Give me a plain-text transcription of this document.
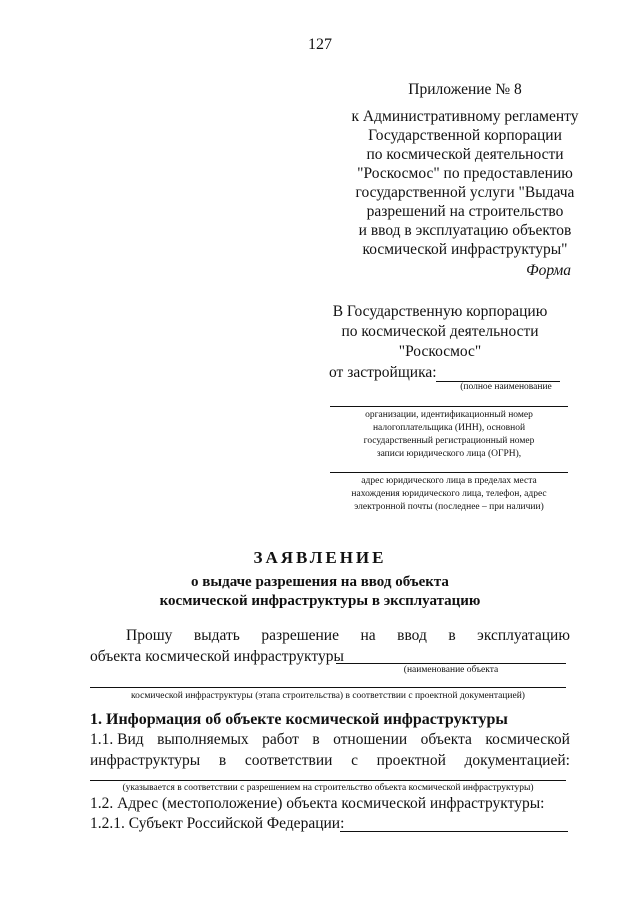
127
Приложение № 8
к Административному регламенту
Государственной корпорации
по космической деятельности
"Роскосмос" по предоставлению
государственной услуги "Выдача
разрешений на строительство
и ввод в эксплуатацию объектов
космической инфраструктуры"
Форма
В Государственную корпорацию
по космической деятельности
"Роскосмос"
от застройщика:
(полное наименование
организации, идентификационный номер
налогоплательщика (ИНН), основной
государственный регистрационный номер
записи юридического лица (ОГРН),
адрес юридического лица в пределах места
нахождения юридического лица, телефон, адрес
электронной почты (последнее – при наличии)
ЗАЯВЛЕНИЕ
о выдаче разрешения на ввод объекта
космической инфраструктуры в эксплуатацию
Прошу выдать разрешение на ввод в эксплуатацию
объекта космической инфраструктуры
(наименование объекта
космической инфраструктуры (этапа строительства) в соответствии с проектной документацией)
1. Информация об объекте космической инфраструктуры
1.1. Вид выполняемых работ в отношении объекта космической
инфраструктуры в соответствии с проектной документацией:
(указывается в соответствии с разрешением на строительство объекта космической инфраструктуры)
1.2. Адрес (местоположение) объекта космической инфраструктуры:
1.2.1. Субъект Российской Федерации:
